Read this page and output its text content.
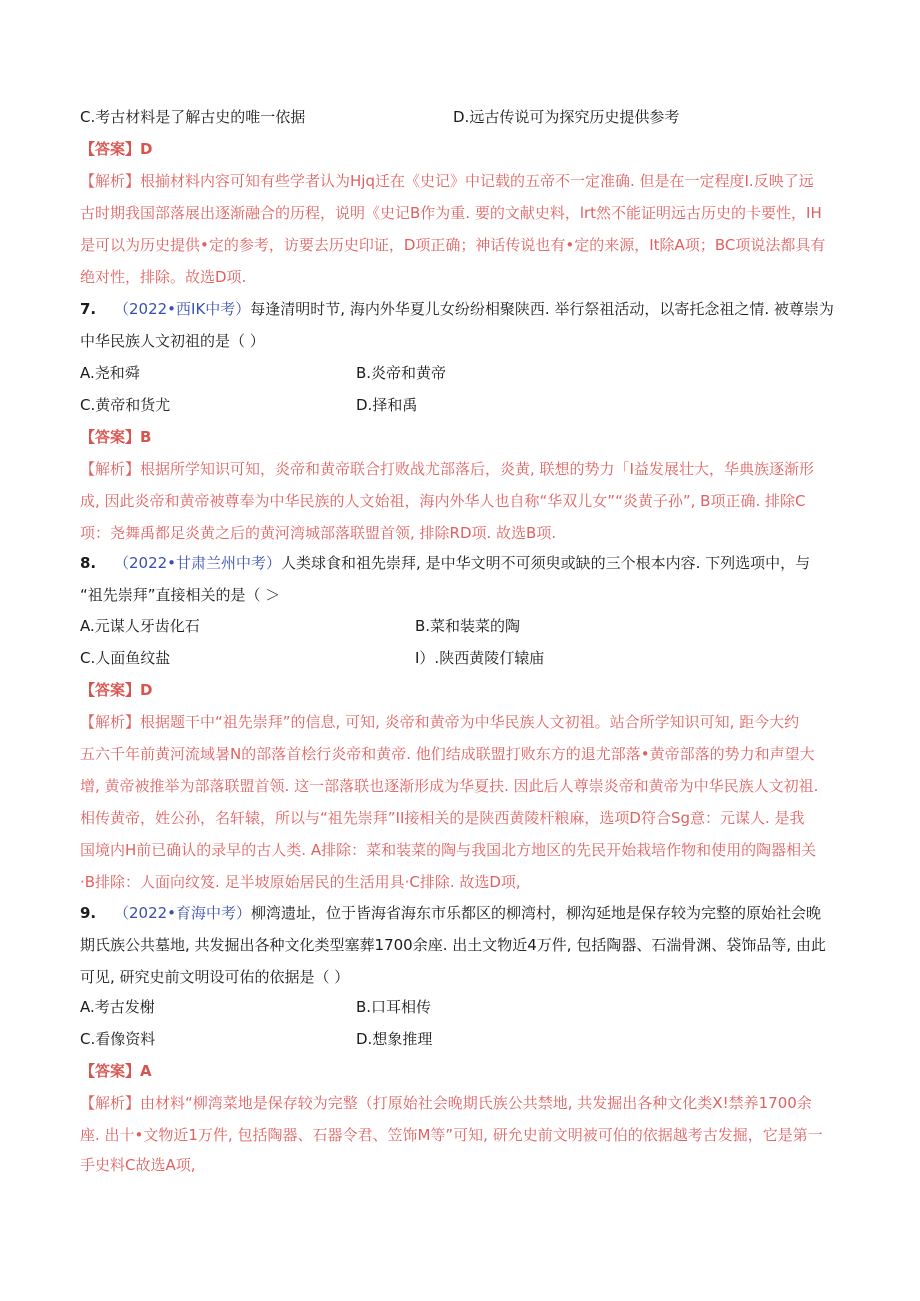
C.考古材料是了解古史的唯一依据	D.远古传说可为探究历史提供参考
【答案】D
【解析】根揃材料内容可知有些学者认为Hjq迁在《史记》中记载的五帝不一定准确. 但是在一定程度I.反映了远
古时期我国部落展出逐渐融合的历程，说明《史记B作为重. 要的文献史料，lrt然不能证明远古历史的卡要性，IH
是可以为历史提供•定的参考，访要去历史印证，D项正确；神话传说也有•定的来源，It除A项；BC项说法都具有
绝对性，排除。故选D项.
7. （2022•西IK中考）每逢清明时节, 海内外华夏儿女纷纷相聚陕西. 举行祭祖活动，以寄托念祖之情. 被尊崇为
中华民族人文初祖的是（ ）
A.尧和舜	B.炎帝和黄帝
C.黄帝和货尤	D.择和禹
【答案】B
【解析】根据所学知识可知，炎帝和黄帝联合打败战尤部落后，炎黄, 联想的势力「I益发展壮大，华典族逐渐形
成, 因此炎帝和黄帝被尊奉为中华民族的人文始祖，海内外华人也自称“华双儿女”“炎黄子孙”, B项正确. 排除C
项：尧舞禹都足炎黄之后的黄河湾城部落联盟首领, 排除RD项. 故选B项.
8. （2022•甘肃兰州中考）人类球食和祖先崇拜, 是中华文明不可须臾或缺的三个根本内容. 下列选项中，与
“祖先崇拜”直接相关的是（ ＞
A.元谋人牙齿化石	B.菜和装菜的陶
C.人面鱼纹盐	I）.陕西黄陵仃辕庙
【答案】D
【解析】根据题干中“祖先崇拜”的信息, 可知, 炎帝和黄帝为中华民族人文初祖。站合所学知识可知, 距今大约
五六千年前黄河流域暑N的部落首桧行炎帝和黄帝. 他们结成联盟打败东方的退尤部落•黄帝部落的势力和声望大
增, 黄帝被推举为部落联盟首领. 这一部落联也逐渐形成为华夏扶. 因此后人尊崇炎帝和黄帝为中华民族人文初祖.
相传黄帝，姓公孙，名轩辕，所以与“祖先崇拜”II接相关的是陕西黄陵杆粮麻，选项D符合Sg意：元谋人. 是我
国境内H前已确认的录早的古人类. A排除：菜和装菜的陶与我国北方地区的先民开始栽培作物和使用的陶器相关
·B排除：人面向纹笈. 足半坡原始居民的生活用具·C排除. 故选D项,
9. （2022•育海中考）柳湾遗址，位于皆海省海东市乐都区的柳湾村，柳沟延地是保存较为完整的原始社会晚
期氏族公共墓地, 共发掘出各种文化类型塞葬1700余座. 出土文物近4万件, 包括陶器、石湍骨渊、袋饰品等, 由此
可见, 研究史前文明设可佑的依据是（ ）
A.考古发榭	B.口耳相传
C.看像资料	D.想象推理
【答案】A
【解析】由材料“柳湾菜地是保存较为完整（打原始社会晚期氏族公共禁地, 共发掘出各种文化类X!禁养1700余
座. 出十•文物近1万件, 包括陶器、石器令君、笠饰M等”可知, 研允史前文明被可伯的依据越考古发掘，它是第一
手史料C故选A项,
